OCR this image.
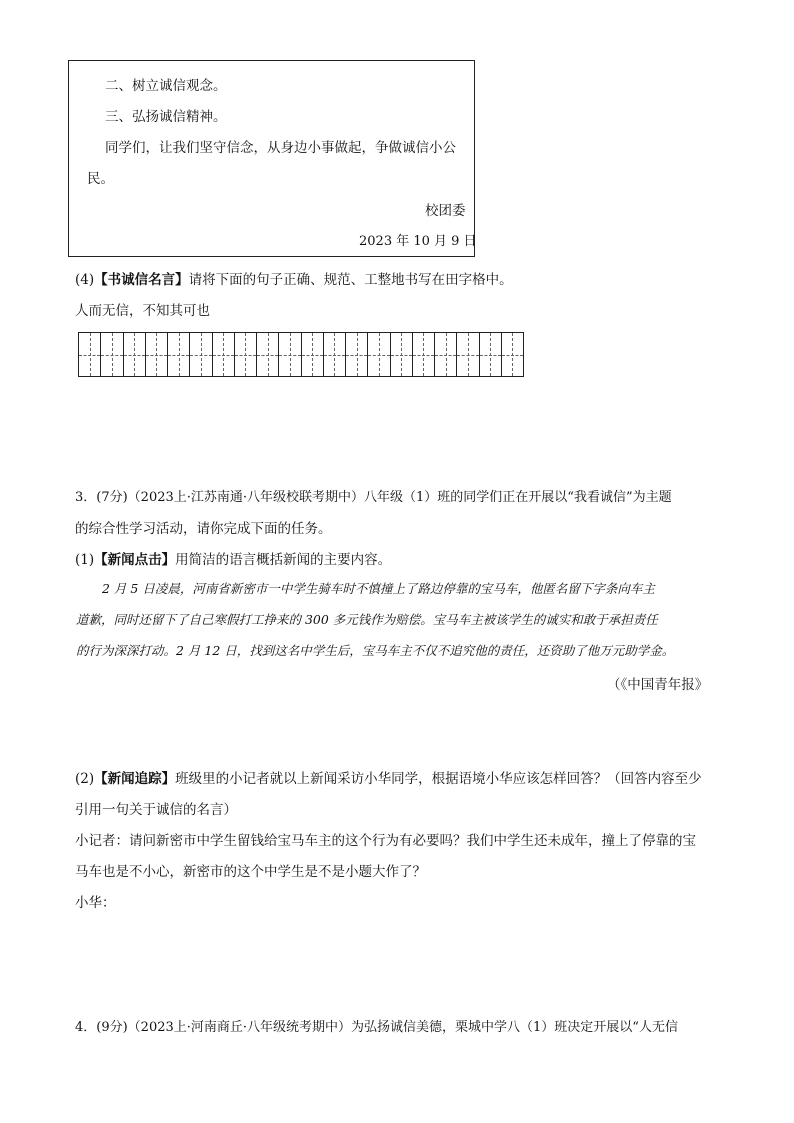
二、树立诚信观念。
三、弘扬诚信精神。
同学们，让我们坚守信念，从身边小事做起，争做诚信小公
民。
校团委
2023 年 10 月 9 日
(4)【书诚信名言】请将下面的句子正确、规范、工整地书写在田字格中。
人而无信，不知其可也
3．(7分)（2023上·江苏南通·八年级校联考期中）八年级（1）班的同学们正在开展以“我看诚信”为主题
的综合性学习活动，请你完成下面的任务。
(1)【新闻点击】用简洁的语言概括新闻的主要内容。
2 月 5 日凌晨，河南省新密市一中学生骑车时不慎撞上了路边停靠的宝马车，他匿名留下字条向车主
道歉，同时还留下了自己寒假打工挣来的 300 多元钱作为赔偿。宝马车主被该学生的诚实和敢于承担责任
的行为深深打动。2 月 12 日，找到这名中学生后，宝马车主不仅不追究他的责任，还资助了他万元助学金。
（《中国青年报》
(2)【新闻追踪】班级里的小记者就以上新闻采访小华同学，根据语境小华应该怎样回答？（回答内容至少
引用一句关于诚信的名言）
小记者：请问新密市中学生留钱给宝马车主的这个行为有必要吗？我们中学生还未成年，撞上了停靠的宝
马车也是不小心，新密市的这个中学生是不是小题大作了？
小华：
4．(9分)（2023上·河南商丘·八年级统考期中）为弘扬诚信美德，栗城中学八（1）班决定开展以“人无信
